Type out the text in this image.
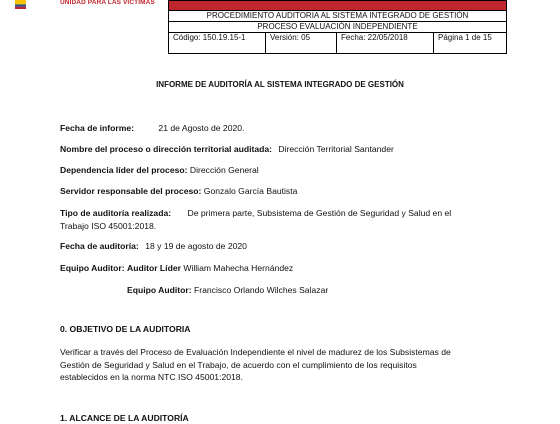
UNIDAD PARA LAS VÍCTIMAS

PROCEDIMIENTO AUDITORIA AL SISTEMA INTEGRADO DE GESTIÓN
PROCESO EVALUACIÓN INDEPENDIENTE
Código: 150.19.15-1	Versión: 05	Fecha: 22/05/2018	Página 1 de 15
INFORME DE AUDITORÍA AL SISTEMA INTEGRADO DE GESTIÓN
Fecha de informe:	21 de Agosto de 2020.
Nombre del proceso o dirección territorial auditada: Dirección Territorial Santander
Dependencia líder del proceso: Dirección General
Servidor responsable del proceso: Gonzalo García Bautista
Tipo de auditoría realizada: De primera parte, Subsistema de Gestión de Seguridad y Salud en el
Trabajo ISO 45001:2018.
Fecha de auditoría: 18 y 19 de agosto de 2020
Equipo Auditor: Auditor Líder William Mahecha Hernández
Equipo Auditor: Francisco Orlando Wilches Salazar
0. OBJETIVO DE LA AUDITORIA
Verificar a través del Proceso de Evaluación Independiente el nivel de madurez de los Subsistemas de
Gestión de Seguridad y Salud en el Trabajo, de acuerdo con el cumplimiento de los requisitos
establecidos en la norma NTC ISO 45001:2018.
1. ALCANCE DE LA AUDITORÍA
